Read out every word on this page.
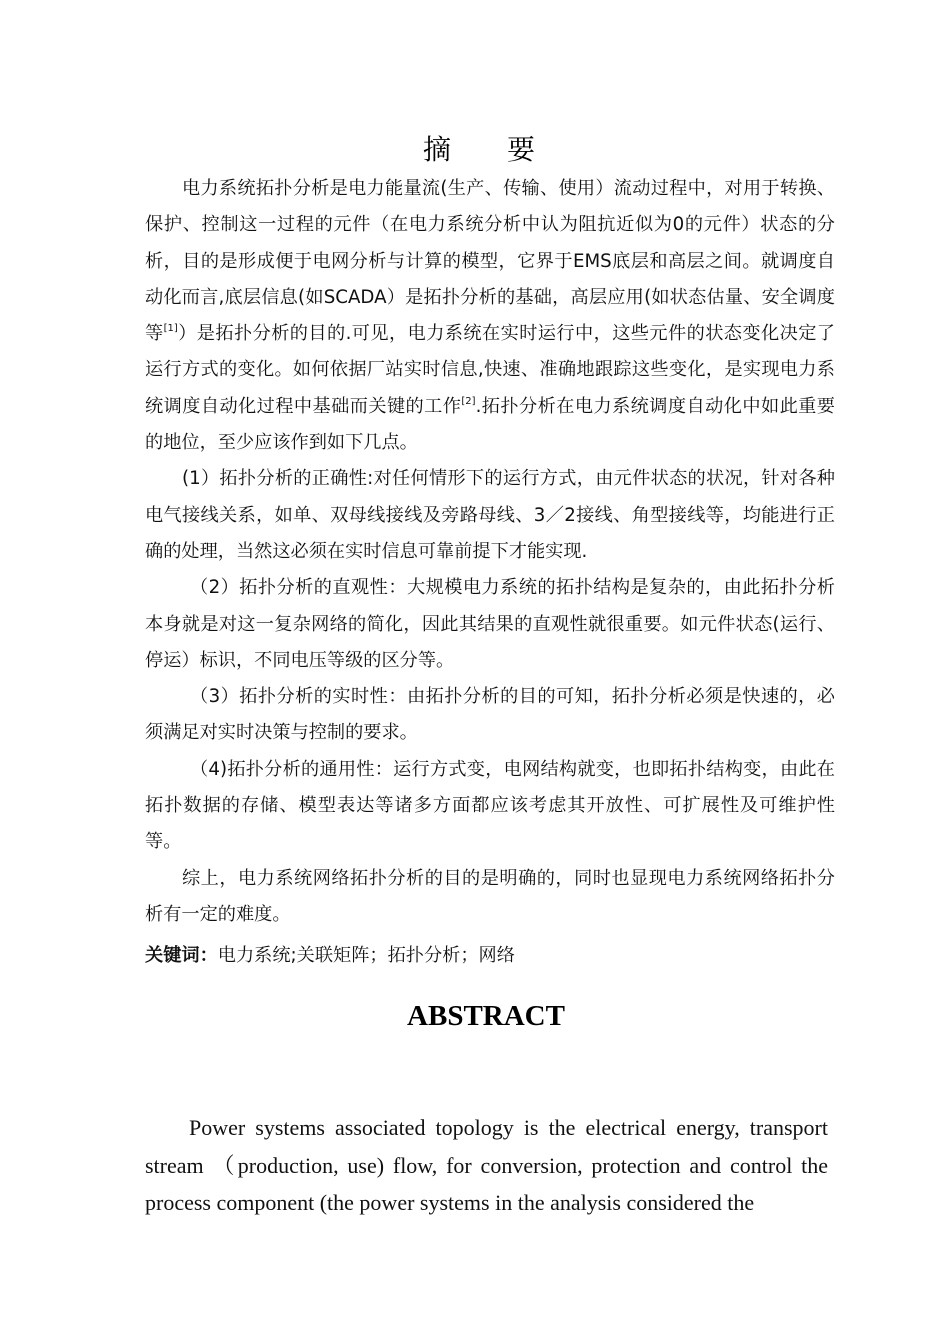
摘　要

电力系统拓扑分析是电力能量流(生产、传输、使用）流动过程中，对用于转换、保护、控制这一过程的元件（在电力系统分析中认为阻抗近似为0的元件）状态的分析，目的是形成便于电网分析与计算的模型，它界于EMS底层和高层之间。就调度自动化而言,底层信息(如SCADA）是拓扑分析的基础，高层应用(如状态估量、安全调度等[1]）是拓扑分析的目的.可见，电力系统在实时运行中，这些元件的状态变化决定了运行方式的变化。如何依据厂站实时信息,快速、准确地跟踪这些变化，是实现电力系统调度自动化过程中基础而关键的工作[2].拓扑分析在电力系统调度自动化中如此重要的地位，至少应该作到如下几点。

(1）拓扑分析的正确性:对任何情形下的运行方式，由元件状态的状况，针对各种电气接线关系，如单、双母线接线及旁路母线、3／2接线、角型接线等，均能进行正确的处理，当然这必须在实时信息可靠前提下才能实现.

（2）拓扑分析的直观性：大规模电力系统的拓扑结构是复杂的，由此拓扑分析本身就是对这一复杂网络的简化，因此其结果的直观性就很重要。如元件状态(运行、停运）标识，不同电压等级的区分等。

（3）拓扑分析的实时性：由拓扑分析的目的可知，拓扑分析必须是快速的，必须满足对实时决策与控制的要求。

（4)拓扑分析的通用性：运行方式变，电网结构就变，也即拓扑结构变，由此在拓扑数据的存储、模型表达等诸多方面都应该考虑其开放性、可扩展性及可维护性等。

综上，电力系统网络拓扑分析的目的是明确的，同时也显现电力系统网络拓扑分析有一定的难度。

关键词：电力系统;关联矩阵；拓扑分析；网络
ABSTRACT

Power systems associated topology is the electrical energy, transport stream （production, use) flow, for conversion, protection and control the process component (the power systems in the analysis considered the
